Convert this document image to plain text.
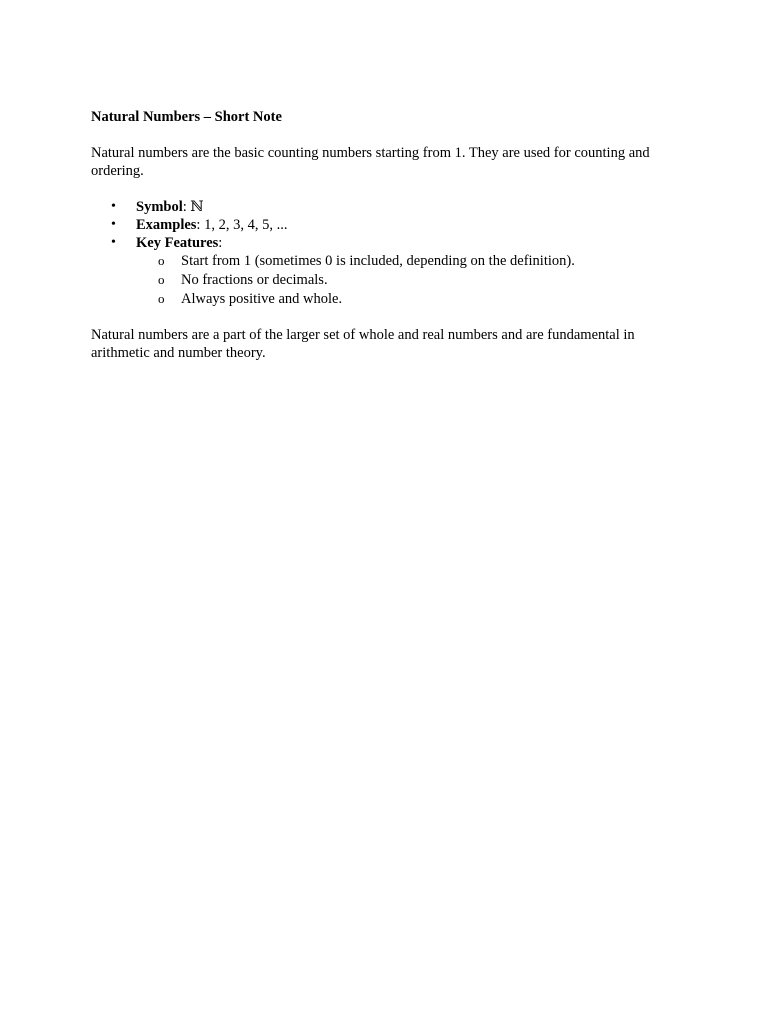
Natural Numbers – Short Note

Natural numbers are the basic counting numbers starting from 1. They are used for counting and ordering.

• Symbol: ℕ
• Examples: 1, 2, 3, 4, 5, ...
• Key Features:
o Start from 1 (sometimes 0 is included, depending on the definition).
o No fractions or decimals.
o Always positive and whole.

Natural numbers are a part of the larger set of whole and real numbers and are fundamental in arithmetic and number theory.
